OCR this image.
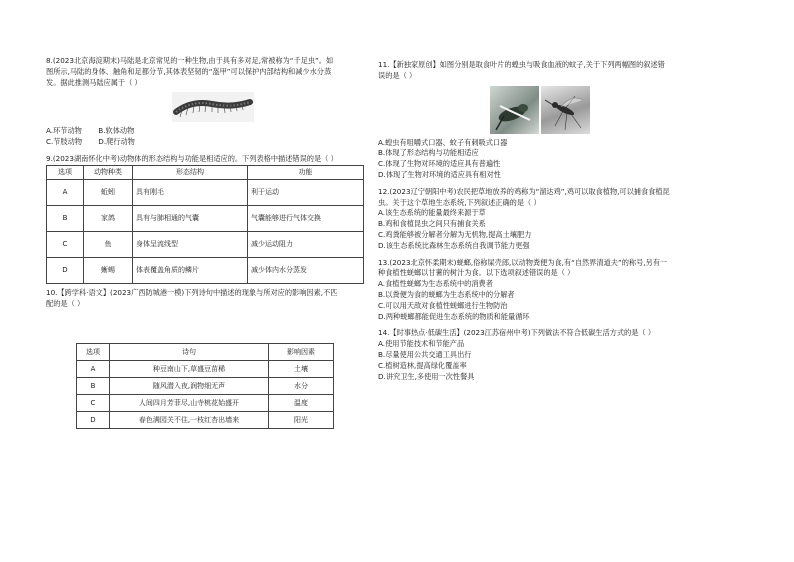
8.(2023北京海淀期末)马陆是北京常见的一种生物,由于具有多对足,常被称为“千足虫”。如

图所示,马陆的身体、触角和足都分节,其体表坚韧的“盔甲”可以保护内部结构和减少水分蒸

发。据此推测马陆应属于（ ）

A.环节动物 B.软体动物

C.节肢动物 D.爬行动物

9.(2023湖南怀化中考)动物体的形态结构与功能是相适应的。下列表格中描述错误的是（ ）

选项	动物种类	形态结构	功能
A	蚯蚓	具有刚毛	利于运动
B	家鸽	具有与肺相通的气囊	气囊能够进行气体交换
C	鱼	身体呈流线型	减少运动阻力
D	蜥蜴	体表覆盖角质的鳞片	减少体内水分蒸发

10.【跨学科·语文】(2023广西防城港一模)下列诗句中描述的现象与所对应的影响因素,不匹

配的是（ ）

选项	诗句	影响因素
A	种豆南山下,草盛豆苗稀	土壤
B	随风潜入夜,润物细无声	水分
C	人间四月芳菲尽,山寺桃花始盛开	温度
D	春色满园关不住,一枝红杏出墙来	阳光

11.【新独家原创】如图分别是取食叶片的蝗虫与吸食血液的蚊子,关于下列两幅图的叙述错

误的是（ ）

A.蝗虫有咀嚼式口器、蚊子有刺吸式口器

B.体现了形态结构与功能相适应

C.体现了生物对环境的适应具有普遍性

D.体现了生物对环境的适应具有相对性

12.(2023辽宁朝阳中考)农民把草地放养的鸡称为“溜达鸡”,鸡可以取食植物,可以捕食食植昆

虫。关于这个草地生态系统,下列叙述正确的是（ ）

A.该生态系统的能量最终来源于草

B.鸡和食植昆虫之间只有捕食关系

C.鸡粪能够被分解者分解为无机物,提高土壤肥力

D.该生态系统比森林生态系统自我调节能力更强

13.(2023北京怀柔期末)蜣螂,俗称屎壳郎,以动物粪便为食,有“自然界清道夫”的称号,另有一

种食植性蜣螂以甘薯的树汁为食。以下选项叙述错误的是（ ）

A.食植性蜣螂为生态系统中的消费者

B.以粪便为食的蜣螂为生态系统中的分解者

C.可以用天敌对食植性蜣螂进行生物防治

D.两种蜣螂都能促进生态系统的物质和能量循环

14.【时事热点·低碳生活】(2023江苏宿州中考)下列做法不符合低碳生活方式的是（ ）

A.使用节能技术和节能产品

B.尽量使用公共交通工具出行

C.植树造林,提高绿化覆盖率

D.讲究卫生,多使用一次性餐具
